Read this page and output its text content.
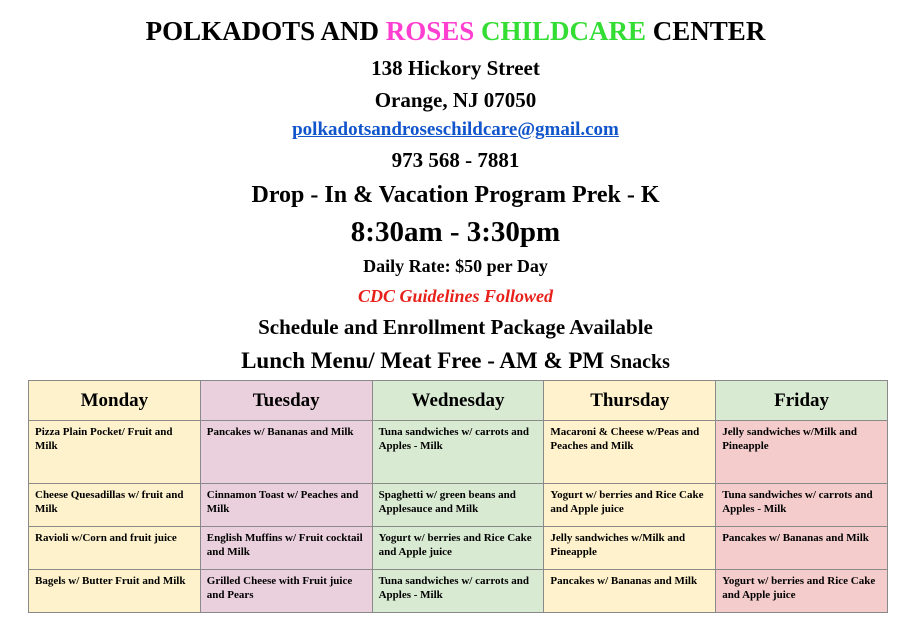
POLKADOTS AND ROSES CHILDCARE CENTER
138 Hickory Street
Orange, NJ 07050
polkadotsandroseschildcare@gmail.com
973 568 - 7881
Drop - In & Vacation Program Prek - K
8:30am - 3:30pm
Daily Rate: $50 per Day
CDC Guidelines Followed
Schedule and Enrollment Package Available
Lunch Menu/ Meat Free - AM & PM Snacks
Monday	Tuesday	Wednesday	Thursday	Friday
Pizza Plain Pocket/ Fruit and Milk	Pancakes w/ Bananas and Milk	Tuna sandwiches w/ carrots and Apples - Milk	Macaroni & Cheese w/Peas and Peaches and Milk	Jelly sandwiches w/Milk and Pineapple
Cheese Quesadillas w/ fruit and Milk	Cinnamon Toast w/ Peaches and Milk	Spaghetti w/ green beans and Applesauce and Milk	Yogurt w/ berries and Rice Cake and Apple juice	Tuna sandwiches w/ carrots and Apples - Milk
Ravioli w/Corn and fruit juice	English Muffins w/ Fruit cocktail and Milk	Yogurt w/ berries and Rice Cake and Apple juice	Jelly sandwiches w/Milk and Pineapple	Pancakes w/ Bananas and Milk
Bagels w/ Butter Fruit and Milk	Grilled Cheese with Fruit juice and Pears	Tuna sandwiches w/ carrots and Apples - Milk	Pancakes w/ Bananas and Milk	Yogurt w/ berries and Rice Cake and Apple juice
